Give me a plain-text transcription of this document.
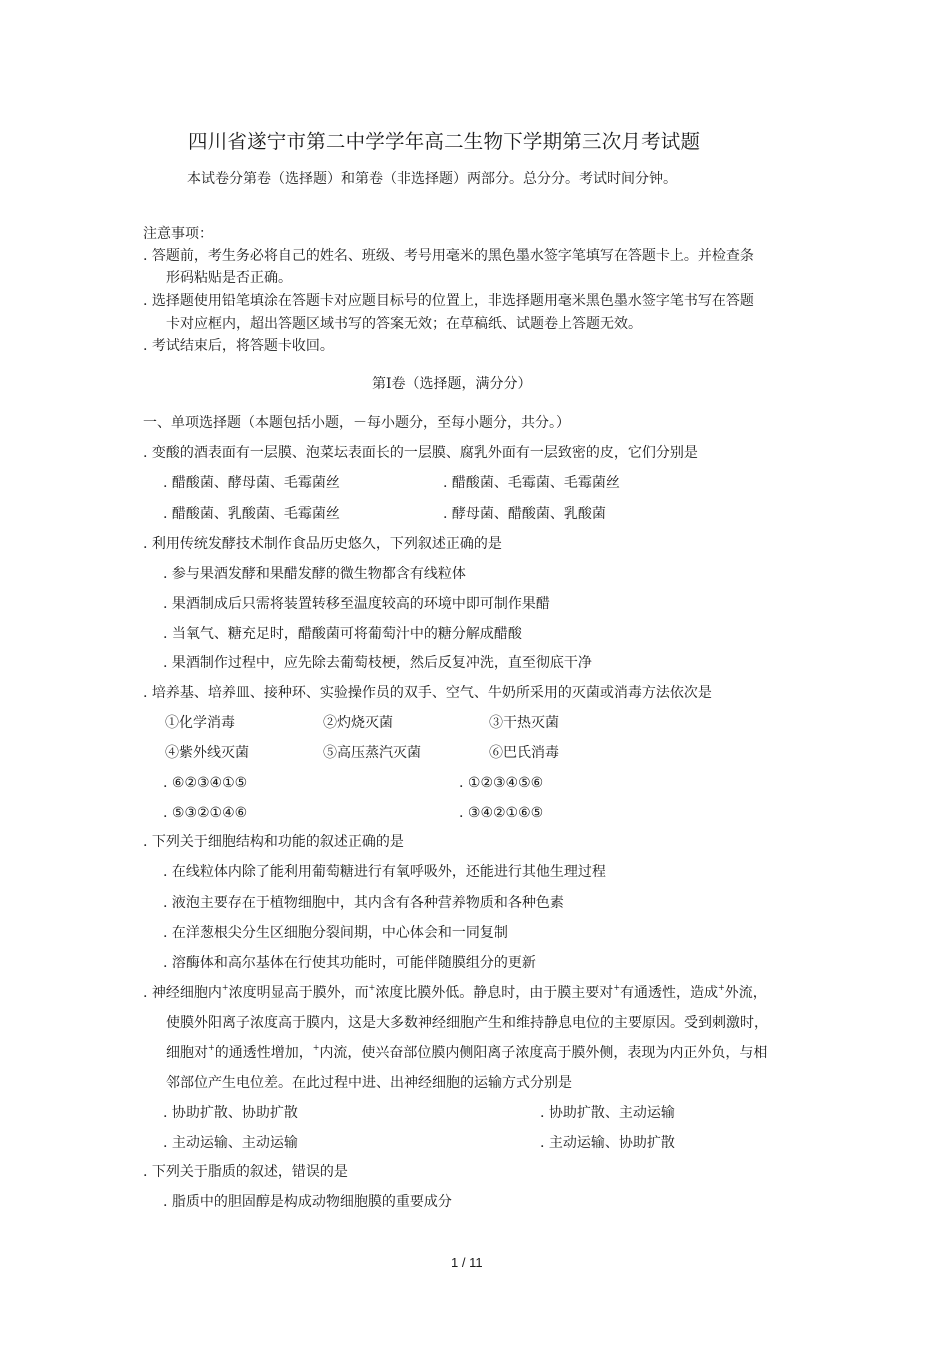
四川省遂宁市第二中学学年高二生物下学期第三次月考试题
本试卷分第卷（选择题）和第卷（非选择题）两部分。总分分。考试时间分钟。
注意事项：
. 答题前，考生务必将自己的姓名、班级、考号用毫米的黑色墨水签字笔填写在答题卡上。并检查条
形码粘贴是否正确。
. 选择题使用铅笔填涂在答题卡对应题目标号的位置上，非选择题用毫米黑色墨水签字笔书写在答题
卡对应框内，超出答题区域书写的答案无效；在草稿纸、试题卷上答题无效。
. 考试结束后，将答题卡收回。
第Ⅰ卷（选择题，满分分）
一、单项选择题（本题包括小题，－每小题分，至每小题分，共分。）
. 变酸的酒表面有一层膜、泡菜坛表面长的一层膜、腐乳外面有一层致密的皮，它们分别是
. 醋酸菌、酵母菌、毛霉菌丝	. 醋酸菌、毛霉菌、毛霉菌丝
. 醋酸菌、乳酸菌、毛霉菌丝	. 酵母菌、醋酸菌、乳酸菌
. 利用传统发酵技术制作食品历史悠久，下列叙述正确的是
. 参与果酒发酵和果醋发酵的微生物都含有线粒体
. 果酒制成后只需将装置转移至温度较高的环境中即可制作果醋
. 当氧气、糖充足时，醋酸菌可将葡萄汁中的糖分解成醋酸
. 果酒制作过程中，应先除去葡萄枝梗，然后反复冲洗，直至彻底干净
. 培养基、培养皿、接种环、实验操作员的双手、空气、牛奶所采用的灭菌或消毒方法依次是
①化学消毒	②灼烧灭菌	③干热灭菌
④紫外线灭菌	⑤高压蒸汽灭菌	⑥巴氏消毒
. ⑥②③④①⑤	. ①②③④⑤⑥
. ⑤③②①④⑥	. ③④②①⑥⑤
. 下列关于细胞结构和功能的叙述正确的是
. 在线粒体内除了能利用葡萄糖进行有氧呼吸外，还能进行其他生理过程
. 液泡主要存在于植物细胞中，其内含有各种营养物质和各种色素
. 在洋葱根尖分生区细胞分裂间期，中心体会和一同复制
. 溶酶体和高尔基体在行使其功能时，可能伴随膜组分的更新
. 神经细胞内+浓度明显高于膜外，而+浓度比膜外低。静息时，由于膜主要对+有通透性，造成+外流，
使膜外阳离子浓度高于膜内，这是大多数神经细胞产生和维持静息电位的主要原因。受到刺激时，
细胞对+的通透性增加，+内流，使兴奋部位膜内侧阳离子浓度高于膜外侧，表现为内正外负，与相
邻部位产生电位差。在此过程中进、出神经细胞的运输方式分别是
. 协助扩散、协助扩散	. 协助扩散、主动运输
. 主动运输、主动运输	. 主动运输、协助扩散
. 下列关于脂质的叙述，错误的是
. 脂质中的胆固醇是构成动物细胞膜的重要成分
1 / 11
